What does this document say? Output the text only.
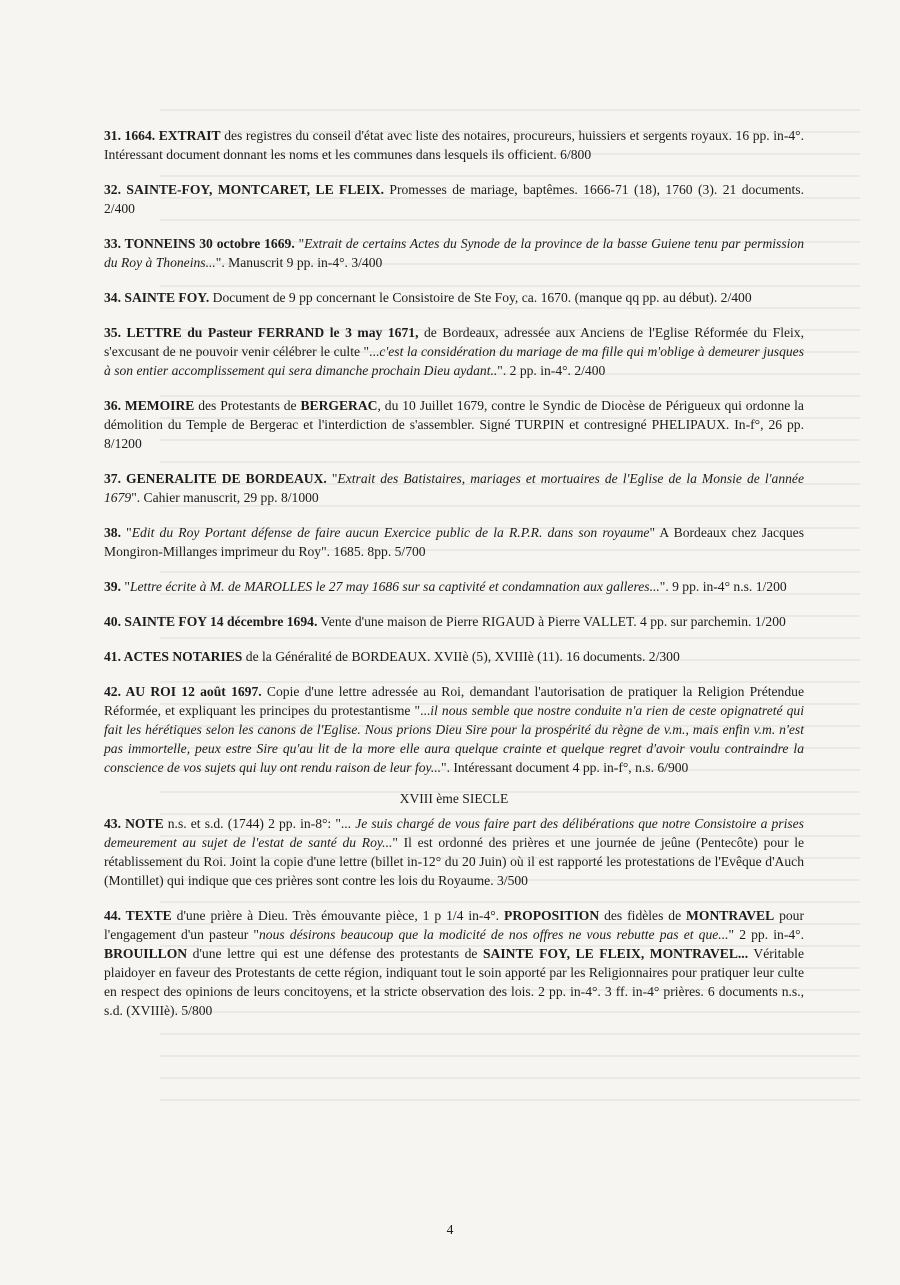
31. 1664. EXTRAIT des registres du conseil d'état avec liste des notaires, procureurs, huissiers et sergents royaux. 16 pp. in-4°. Intéressant document donnant les noms et les communes dans lesquels ils officient. 6/800

32. SAINTE-FOY, MONTCARET, LE FLEIX. Promesses de mariage, baptêmes. 1666-71 (18), 1760 (3). 21 documents. 2/400

33. TONNEINS 30 octobre 1669. "Extrait de certains Actes du Synode de la province de la basse Guiene tenu par permission du Roy à Thoneins...". Manuscrit 9 pp. in-4°. 3/400

34. SAINTE FOY. Document de 9 pp concernant le Consistoire de Ste Foy, ca. 1670. (manque qq pp. au début). 2/400

35. LETTRE du Pasteur FERRAND le 3 may 1671, de Bordeaux, adressée aux Anciens de l'Eglise Réformée du Fleix, s'excusant de ne pouvoir venir célébrer le culte "...c'est la considération du mariage de ma fille qui m'oblige à demeurer jusques à son entier accomplissement qui sera dimanche prochain Dieu aydant..". 2 pp. in-4°. 2/400

36. MEMOIRE des Protestants de BERGERAC, du 10 Juillet 1679, contre le Syndic de Diocèse de Périgueux qui ordonne la démolition du Temple de Bergerac et l'interdiction de s'assembler. Signé TURPIN et contresigné PHELIPAUX. In-f°, 26 pp. 8/1200

37. GENERALITE DE BORDEAUX. "Extrait des Batistaires, mariages et mortuaires de l'Eglise de la Monsie de l'année 1679". Cahier manuscrit, 29 pp. 8/1000

38. "Edit du Roy Portant défense de faire aucun Exercice public de la R.P.R. dans son royaume" A Bordeaux chez Jacques Mongiron-Millanges imprimeur du Roy". 1685. 8pp. 5/700

39. "Lettre écrite à M. de MAROLLES le 27 may 1686 sur sa captivité et condamnation aux galleres...". 9 pp. in-4° n.s. 1/200

40. SAINTE FOY 14 décembre 1694. Vente d'une maison de Pierre RIGAUD à Pierre VALLET. 4 pp. sur parchemin. 1/200

41. ACTES NOTARIES de la Généralité de BORDEAUX. XVIIè (5), XVIIIè (11). 16 documents. 2/300

42. AU ROI 12 août 1697. Copie d'une lettre adressée au Roi, demandant l'autorisation de pratiquer la Religion Prétendue Réformée, et expliquant les principes du protestantisme "...il nous semble que nostre conduite n'a rien de ceste opignatreté qui fait les hérétiques selon les canons de l'Eglise. Nous prions Dieu Sire pour la prospérité du règne de v.m., mais enfin v.m. n'est pas immortelle, peux estre Sire qu'au lit de la more elle aura quelque crainte et quelque regret d'avoir voulu contraindre la conscience de vos sujets qui luy ont rendu raison de leur foy...". Intéressant document 4 pp. in-f°, n.s. 6/900

XVIII ème SIECLE

43. NOTE n.s. et s.d. (1744) 2 pp. in-8°: "... Je suis chargé de vous faire part des délibérations que notre Consistoire a prises demeurement au sujet de l'estat de santé du Roy..." Il est ordonné des prières et une journée de jeûne (Pentecôte) pour le rétablissement du Roi. Joint la copie d'une lettre (billet in-12° du 20 Juin) où il est rapporté les protestations de l'Evêque d'Auch (Montillet) qui indique que ces prières sont contre les lois du Royaume. 3/500

44. TEXTE d'une prière à Dieu. Très émouvante pièce, 1 p 1/4 in-4°. PROPOSITION des fidèles de MONTRAVEL pour l'engagement d'un pasteur "nous désirons beaucoup que la modicité de nos offres ne vous rebutte pas et que..." 2 pp. in-4°. BROUILLON d'une lettre qui est une défense des protestants de SAINTE FOY, LE FLEIX, MONTRAVEL... Véritable plaidoyer en faveur des Protestants de cette région, indiquant tout le soin apporté par les Religionnaires pour pratiquer leur culte en respect des opinions de leurs concitoyens, et la stricte observation des lois. 2 pp. in-4°. 3 ff. in-4° prières. 6 documents n.s., s.d. (XVIIIè). 5/800

4
